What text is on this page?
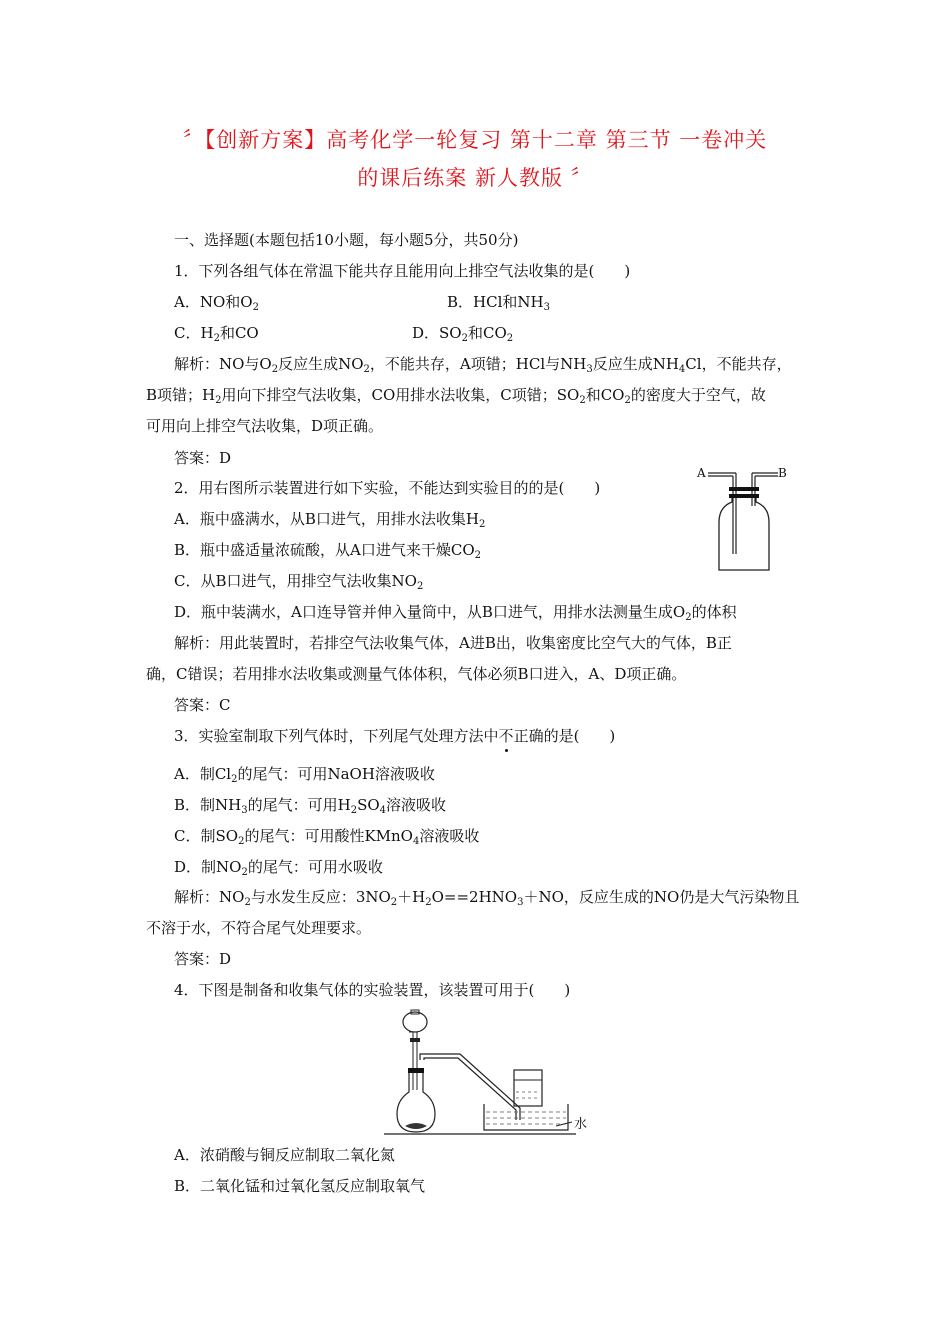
〞【创新方案】高考化学一轮复习 第十二章 第三节 一卷冲关
的课后练案 新人教版 〞
一、选择题(本题包括10小题，每小题5分，共50分)
1．下列各组气体在常温下能共存且能用向上排空气法收集的是(　　)
A．NO和$O_2$	B．HCl和$NH_3$
C．$H_2$和CO	D．$SO_2$和$CO_2$
解析：NO与$O_2$反应生成$NO_2$，不能共存，A项错；HCl与$NH_3$反应生成$NH_4Cl$，不能共存，
B项错；$H_2$用向下排空气法收集，CO用排水法收集，C项错；$SO_2$和$CO_2$的密度大于空气，故
可用向上排空气法收集，D项正确。
答案：D
2．用右图所示装置进行如下实验，不能达到实验目的的是(　　)
A	B
A．瓶中盛满水，从B口进气，用排水法收集$H_2$
B．瓶中盛适量浓硫酸，从A口进气来干燥$CO_2$
C．从B口进气，用排空气法收集$NO_2$
D．瓶中装满水，A口连导管并伸入量筒中，从B口进气，用排水法测量生成$O_2$的体积
解析：用此装置时，若排空气法收集气体，A进B出，收集密度比空气大的气体，B正
确，C错误；若用排水法收集或测量气体体积，气体必须B口进入，A、D项正确。
答案：C
3．实验室制取下列气体时，下列尾气处理方法中不正确的是(　　)
A．制$Cl_2$的尾气：可用NaOH溶液吸收
B．制$NH_3$的尾气：可用$H_2SO_4$溶液吸收
C．制$SO_2$的尾气：可用酸性KMnO$_4$溶液吸收
D．制$NO_2$的尾气：可用水吸收
解析：$NO_2$与水发生反应：$3NO_2+H_2O==2HNO_3+NO$，反应生成的NO仍是大气污染物且
不溶于水，不符合尾气处理要求。
答案：D
4．下图是制备和收集气体的实验装置，该装置可用于(　　)
水
A．浓硝酸与铜反应制取二氧化氮
B．二氧化锰和过氧化氢反应制取氧气
